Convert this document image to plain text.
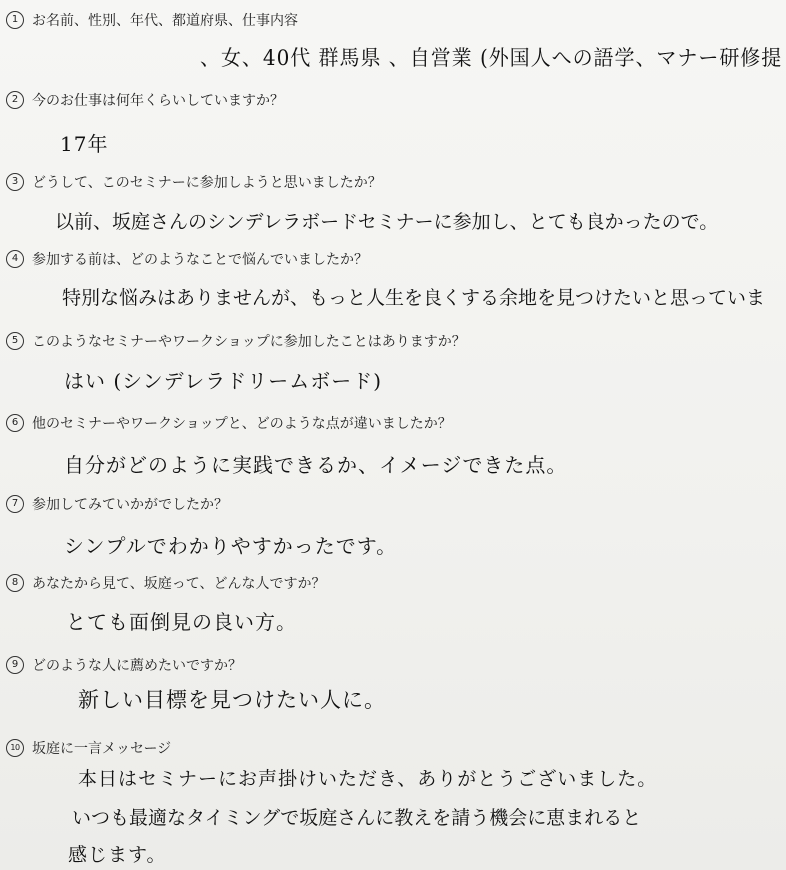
1 お名前、性別、年代、都道府県、仕事内容
、女、40代 群馬県 、自営業 (外国人への語学、マナー研修提
2 今のお仕事は何年くらいしていますか？
17年
3 どうして、このセミナーに参加しようと思いましたか？
以前、坂庭さんのシンデレラボードセミナーに参加し、とても良かったので。
4 参加する前は、どのようなことで悩んでいましたか？
特別な悩みはありませんが、もっと人生を良くする余地を見つけたいと思っていま
5 このようなセミナーやワークショップに参加したことはありますか？
はい (シンデレラドリームボード)
6 他のセミナーやワークショップと、どのような点が違いましたか？
自分がどのように実践できるか、イメージできた点。
7 参加してみていかがでしたか？
シンプルでわかりやすかったです。
8 あなたから見て、坂庭って、どんな人ですか？
とても面倒見の良い方。
9 どのような人に薦めたいですか？
新しい目標を見つけたい人に。
10 坂庭に一言メッセージ
本日はセミナーにお声掛けいただき、ありがとうございました。
いつも最適なタイミングで坂庭さんに教えを請う機会に恵まれると
感じます。
